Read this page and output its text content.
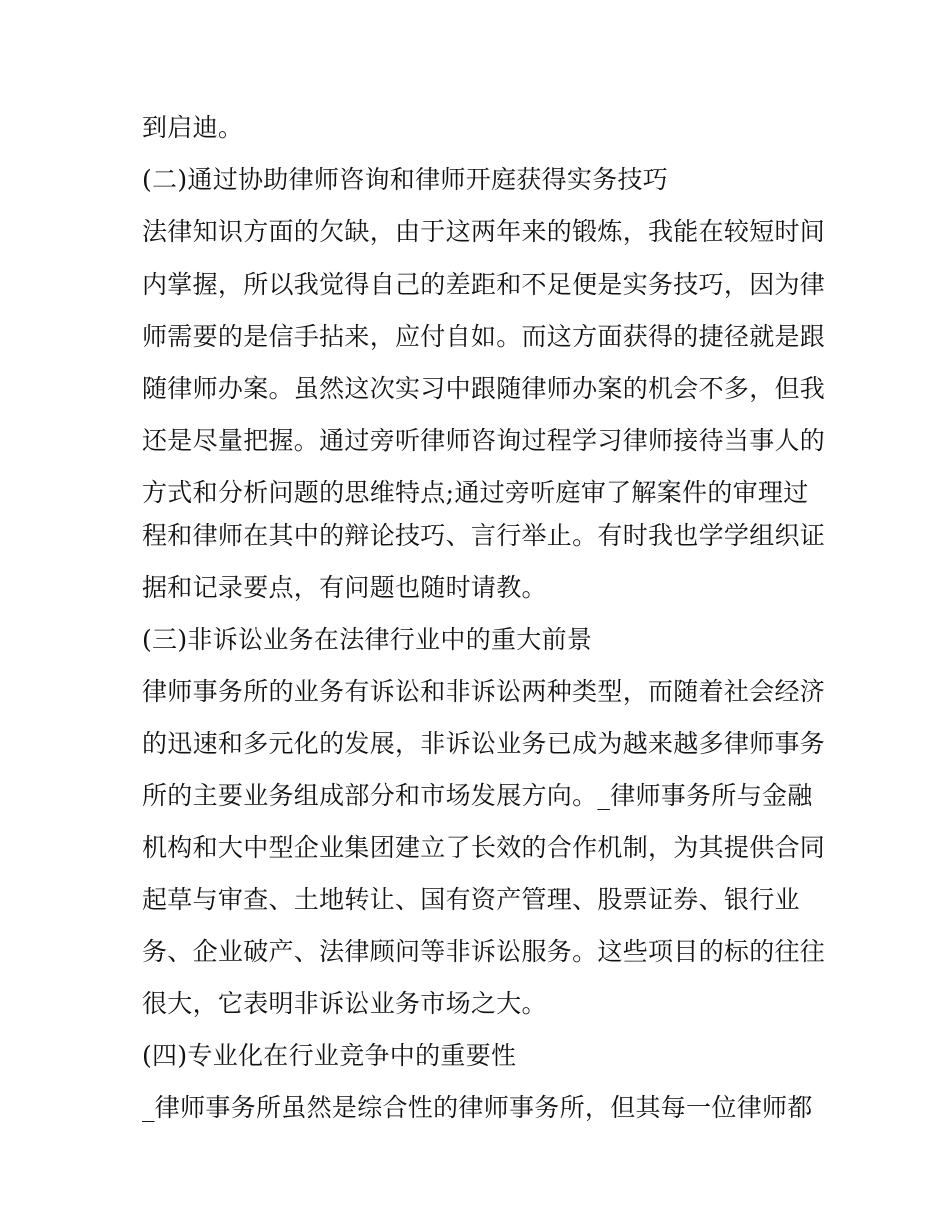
到启迪。
(二)通过协助律师咨询和律师开庭获得实务技巧
法律知识方面的欠缺，由于这两年来的锻炼，我能在较短时间
内掌握，所以我觉得自己的差距和不足便是实务技巧，因为律
师需要的是信手拈来，应付自如。而这方面获得的捷径就是跟
随律师办案。虽然这次实习中跟随律师办案的机会不多，但我
还是尽量把握。通过旁听律师咨询过程学习律师接待当事人的
方式和分析问题的思维特点;通过旁听庭审了解案件的审理过
程和律师在其中的辩论技巧、言行举止。有时我也学学组织证
据和记录要点，有问题也随时请教。
(三)非诉讼业务在法律行业中的重大前景
律师事务所的业务有诉讼和非诉讼两种类型，而随着社会经济
的迅速和多元化的发展，非诉讼业务已成为越来越多律师事务
所的主要业务组成部分和市场发展方向。_律师事务所与金融
机构和大中型企业集团建立了长效的合作机制，为其提供合同
起草与审查、土地转让、国有资产管理、股票证券、银行业
务、企业破产、法律顾问等非诉讼服务。这些项目的标的往往
很大，它表明非诉讼业务市场之大。
(四)专业化在行业竞争中的重要性
_律师事务所虽然是综合性的律师事务所，但其每一位律师都
